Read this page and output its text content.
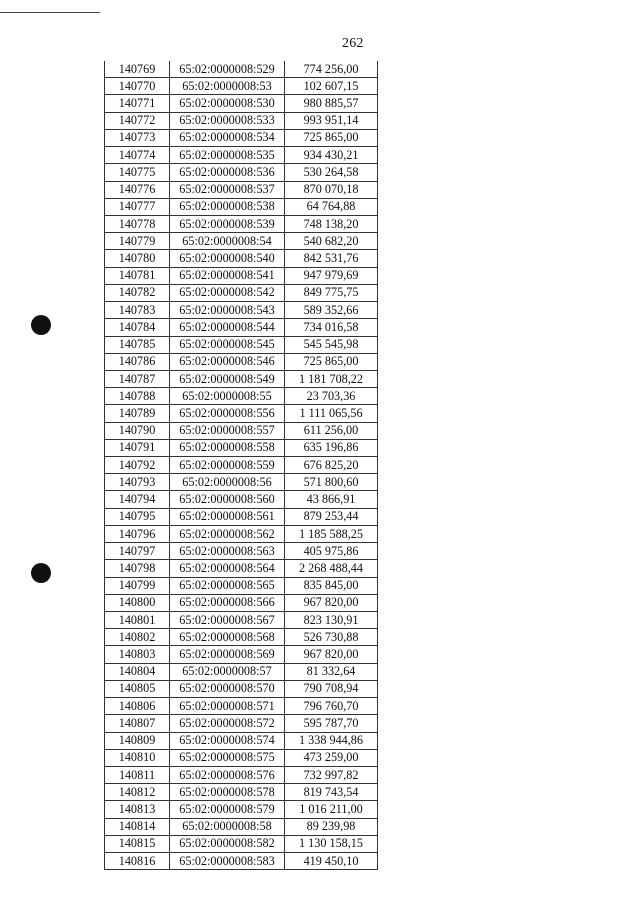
262
140769	65:02:0000008:529	774 256,00
140770	65:02:0000008:53	102 607,15
140771	65:02:0000008:530	980 885,57
140772	65:02:0000008:533	993 951,14
140773	65:02:0000008:534	725 865,00
140774	65:02:0000008:535	934 430,21
140775	65:02:0000008:536	530 264,58
140776	65:02:0000008:537	870 070,18
140777	65:02:0000008:538	64 764,88
140778	65:02:0000008:539	748 138,20
140779	65:02:0000008:54	540 682,20
140780	65:02:0000008:540	842 531,76
140781	65:02:0000008:541	947 979,69
140782	65:02:0000008:542	849 775,75
140783	65:02:0000008:543	589 352,66
140784	65:02:0000008:544	734 016,58
140785	65:02:0000008:545	545 545,98
140786	65:02:0000008:546	725 865,00
140787	65:02:0000008:549	1 181 708,22
140788	65:02:0000008:55	23 703,36
140789	65:02:0000008:556	1 111 065,56
140790	65:02:0000008:557	611 256,00
140791	65:02:0000008:558	635 196,86
140792	65:02:0000008:559	676 825,20
140793	65:02:0000008:56	571 800,60
140794	65:02:0000008:560	43 866,91
140795	65:02:0000008:561	879 253,44
140796	65:02:0000008:562	1 185 588,25
140797	65:02:0000008:563	405 975,86
140798	65:02:0000008:564	2 268 488,44
140799	65:02:0000008:565	835 845,00
140800	65:02:0000008:566	967 820,00
140801	65:02:0000008:567	823 130,91
140802	65:02:0000008:568	526 730,88
140803	65:02:0000008:569	967 820,00
140804	65:02:0000008:57	81 332,64
140805	65:02:0000008:570	790 708,94
140806	65:02:0000008:571	796 760,70
140807	65:02:0000008:572	595 787,70
140809	65:02:0000008:574	1 338 944,86
140810	65:02:0000008:575	473 259,00
140811	65:02:0000008:576	732 997,82
140812	65:02:0000008:578	819 743,54
140813	65:02:0000008:579	1 016 211,00
140814	65:02:0000008:58	89 239,98
140815	65:02:0000008:582	1 130 158,15
140816	65:02:0000008:583	419 450,10
